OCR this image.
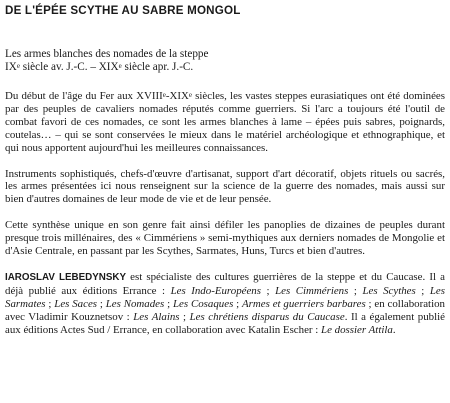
DE L'ÉPÉE SCYTHE AU SABRE MONGOL
Les armes blanches des nomades de la steppe
IXe siècle av. J.-C. – XIXe siècle apr. J.-C.

Du début de l'âge du Fer aux XVIIIe-XIXe siècles, les vastes steppes eurasiatiques ont été dominées par des peuples de cavaliers nomades réputés comme guerriers. Si l'arc a toujours été l'outil de combat favori de ces nomades, ce sont les armes blanches à lame – épées puis sabres, poignards, coutelas… – qui se sont conservées le mieux dans le matériel archéologique et ethnographique, et qui nous apportent aujourd'hui les meilleures connaissances.

Instruments sophistiqués, chefs-d'œuvre d'artisanat, support d'art décoratif, objets rituels ou sacrés, les armes présentées ici nous renseignent sur la science de la guerre des nomades, mais aussi sur bien d'autres domaines de leur mode de vie et de leur pensée.

Cette synthèse unique en son genre fait ainsi défiler les panoplies de dizaines de peuples durant presque trois millénaires, des « Cimmériens » semi-mythiques aux derniers nomades de Mongolie et d'Asie Centrale, en passant par les Scythes, Sarmates, Huns, Turcs et bien d'autres.

IAROSLAV LEBEDYNSKY est spécialiste des cultures guerrières de la steppe et du Caucase. Il a déjà publié aux éditions Errance : Les Indo-Européens ; Les Cimmériens ; Les Scythes ; Les Sarmates ; Les Saces ; Les Nomades ; Les Cosaques ; Armes et guerriers barbares ; en collaboration avec Vladimir Kouznetsov : Les Alains ; Les chrétiens disparus du Caucase. Il a également publié aux éditions Actes Sud / Errance, en collaboration avec Katalin Escher : Le dossier Attila.
